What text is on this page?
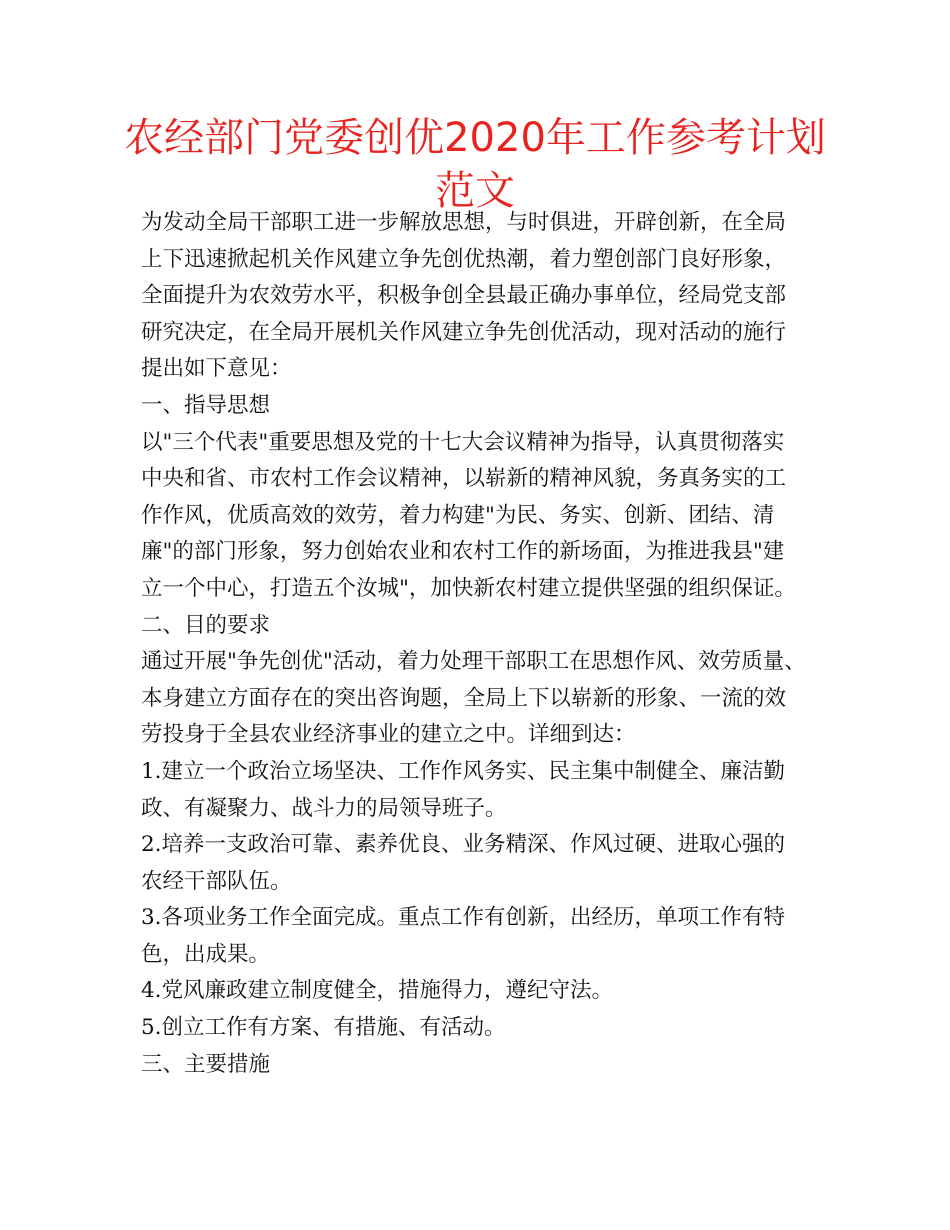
农经部门党委创优2020年工作参考计划范文
为发动全局干部职工进一步解放思想，与时俱进，开辟创新，在全局
上下迅速掀起机关作风建立争先创优热潮，着力塑创部门良好形象，
全面提升为农效劳水平，积极争创全县最正确办事单位，经局党支部
研究决定，在全局开展机关作风建立争先创优活动，现对活动的施行
提出如下意见：
一、指导思想
以"三个代表"重要思想及党的十七大会议精神为指导，认真贯彻落实
中央和省、市农村工作会议精神，以崭新的精神风貌，务真务实的工
作作风，优质高效的效劳，着力构建"为民、务实、创新、团结、清
廉"的部门形象，努力创始农业和农村工作的新场面，为推进我县"建
立一个中心，打造五个汝城"，加快新农村建立提供坚强的组织保证。
二、目的要求
通过开展"争先创优"活动，着力处理干部职工在思想作风、效劳质量、
本身建立方面存在的突出咨询题，全局上下以崭新的形象、一流的效
劳投身于全县农业经济事业的建立之中。详细到达：
1.建立一个政治立场坚决、工作作风务实、民主集中制健全、廉洁勤
政、有凝聚力、战斗力的局领导班子。
2.培养一支政治可靠、素养优良、业务精深、作风过硬、进取心强的
农经干部队伍。
3.各项业务工作全面完成。重点工作有创新，出经历，单项工作有特
色，出成果。
4.党风廉政建立制度健全，措施得力，遵纪守法。
5.创立工作有方案、有措施、有活动。
三、主要措施
